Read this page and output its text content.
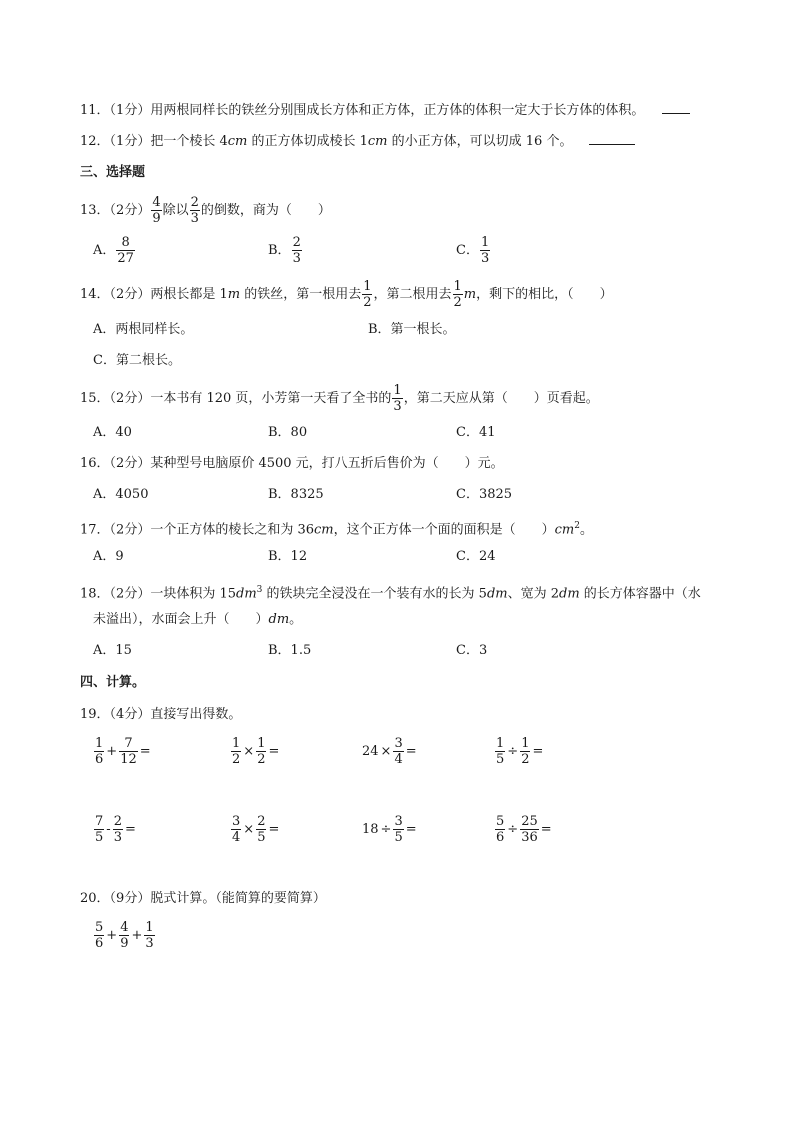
11．（1分）用两根同样长的铁丝分别围成长方体和正方体，正方体的体积一定大于长方体的体积。
12．（1分）把一个棱长 4cm 的正方体切成棱长 1cm 的小正方体，可以切成 16 个。
三、选择题
13．（2分） $\frac{4}{9}$ 除以 $\frac{2}{3}$ 的倒数，商为（　　）
A． $\frac{8}{27}$	B． $\frac{2}{3}$	C． $\frac{1}{3}$
14．（2分）两根长都是 1m 的铁丝，第一根用去 $\frac{1}{2}$ ，第二根用去 $\frac{1}{2}$ m，剩下的相比，（　　）
A．两根同样长。	B．第一根长。
C．第二根长。
15．（2分）一本书有 120 页，小芳第一天看了全书的 $\frac{1}{3}$ ，第二天应从第（　　）页看起。
A．40	B．80	C．41
16．（2分）某种型号电脑原价 4500 元，打八五折后售价为（　　）元。
A．4050	B．8325	C．3825
17．（2分）一个正方体的棱长之和为 36cm，这个正方体一个面的面积是（　　）$cm^2$。
A．9	B．12	C．24
18．（2分）一块体积为 $15dm^3$ 的铁块完全浸没在一个装有水的长为 5dm、宽为 2dm 的长方体容器中（水
未溢出），水面会上升（　　）dm。
A．15	B．1.5	C．3
四、计算。
19．（4分）直接写出得数。
$\frac{1}{6} + \frac{7}{12}$ =	$\frac{1}{2} \times \frac{1}{2}$ =	$24 \times \frac{3}{4}$ =	$\frac{1}{5} \div \frac{1}{2}$ =
$\frac{7}{5} - \frac{2}{3}$ =	$\frac{3}{4} \times \frac{2}{5}$ =	$18 \div \frac{3}{5}$ =	$\frac{5}{6} \div \frac{25}{36}$ =
20．（9分）脱式计算。（能简算的要简算）
$\frac{5}{6} + \frac{4}{9} + \frac{1}{3}$
